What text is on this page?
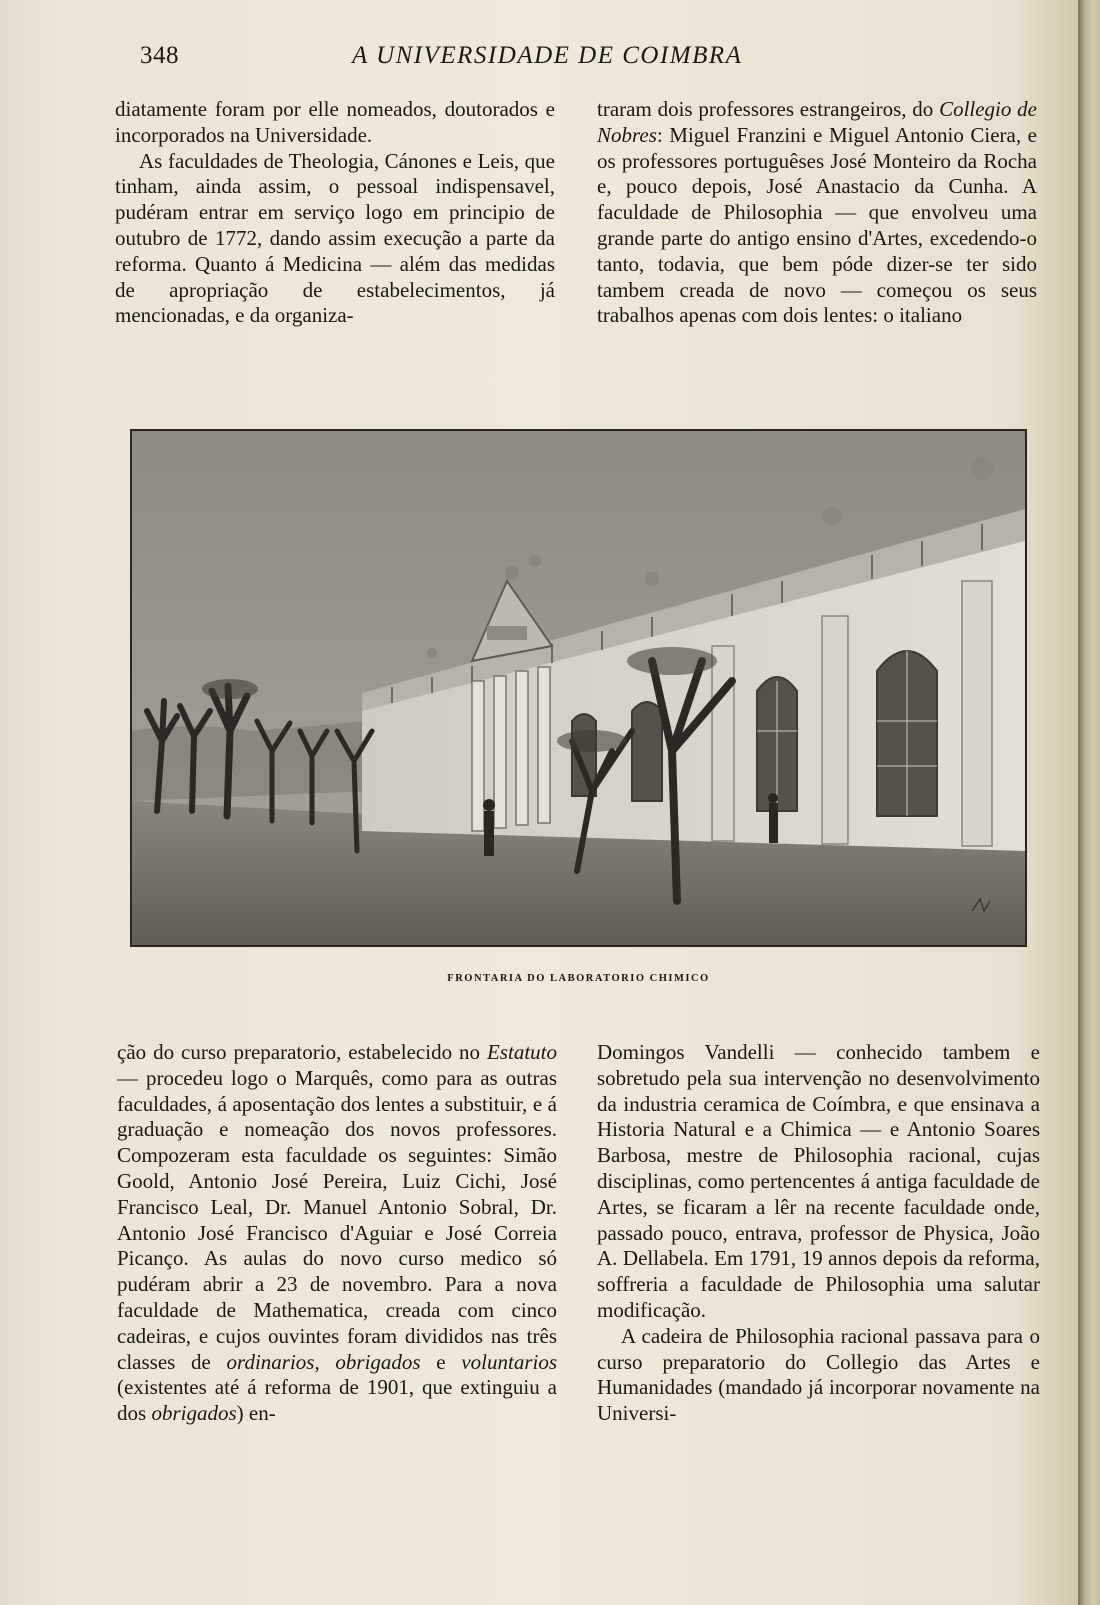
348	A UNIVERSIDADE DE COIMBRA

diatamente foram por elle nomeados, doutorados e incorporados na Universidade.

As faculdades de Theologia, Cánones e Leis, que tinham, ainda assim, o pessoal indispensavel, pudéram entrar em serviço logo em principio de outubro de 1772, dando assim execução a parte da reforma. Quanto á Medicina — além das medidas de apropriação de estabelecimentos, já mencionadas, e da organiza-

traram dois professores estrangeiros, do Collegio de Nobres: Miguel Franzini e Miguel Antonio Ciera, e os professores portuguêses José Monteiro da Rocha e, pouco depois, José Anastacio da Cunha. A faculdade de Philosophia — que envolveu uma grande parte do antigo ensino d'Artes, excedendo-o tanto, todavia, que bem póde dizer-se ter sido tambem creada de novo — começou os seus trabalhos apenas com dois lentes: o italiano

FRONTARIA DO LABORATORIO CHIMICO

ção do curso preparatorio, estabelecido no Estatuto — procedeu logo o Marquês, como para as outras faculdades, á aposentação dos lentes a substituir, e á graduação e nomeação dos novos professores. Compozeram esta faculdade os seguintes: Simão Goold, Antonio José Pereira, Luiz Cichi, José Francisco Leal, Dr. Manuel Antonio Sobral, Dr. Antonio José Francisco d'Aguiar e José Correia Picanço. As aulas do novo curso medico só pudéram abrir a 23 de novembro. Para a nova faculdade de Mathematica, creada com cinco cadeiras, e cujos ouvintes foram divididos nas três classes de ordinarios, obrigados e voluntarios (existentes até á reforma de 1901, que extinguiu a dos obrigados) en-

Domingos Vandelli — conhecido tambem e sobretudo pela sua intervenção no desenvolvimento da industria ceramica de Coímbra, e que ensinava a Historia Natural e a Chimica — e Antonio Soares Barbosa, mestre de Philosophia racional, cujas disciplinas, como pertencentes á antiga faculdade de Artes, se ficaram a lêr na recente faculdade onde, passado pouco, entrava, professor de Physica, João A. Dellabela. Em 1791, 19 annos depois da reforma, soffreria a faculdade de Philosophia uma salutar modificação.

A cadeira de Philosophia racional passava para o curso preparatorio do Collegio das Artes e Humanidades (mandado já incorporar novamente na Universi-
